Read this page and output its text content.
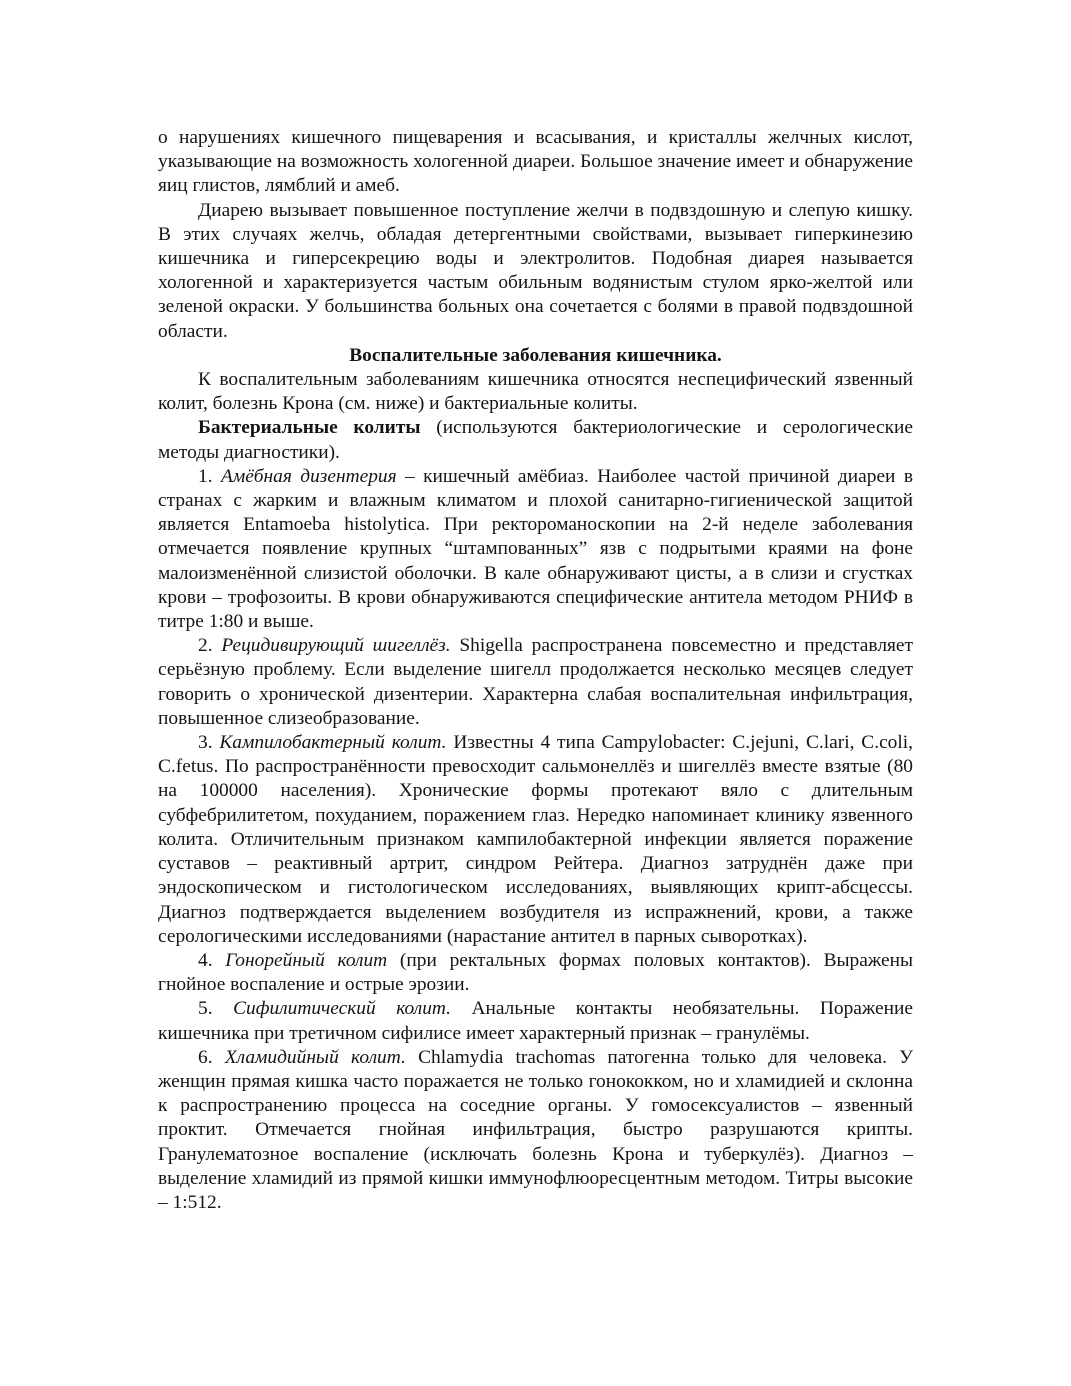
о нарушениях кишечного пищеварения и всасывания, и кристаллы желчных кислот, указывающие на возможность хологенной диареи. Большое значение имеет и обнаружение яиц глистов, лямблий и амеб.

Диарею вызывает повышенное поступление желчи в подвздошную и слепую кишку. В этих случаях желчь, обладая детергентными свойствами, вызывает гиперкинезию кишечника и гиперсекрецию воды и электролитов. Подобная диарея называется хологенной и характеризуется частым обильным водянистым стулом ярко-желтой или зеленой окраски. У большинства больных она сочетается с болями в правой подвздошной области.

Воспалительные заболевания кишечника.

К воспалительным заболеваниям кишечника относятся неспецифический язвенный колит, болезнь Крона (см. ниже) и бактериальные колиты.

Бактериальные колиты (используются бактериологические и серологические методы диагностики).

1. Амёбная дизентерия – кишечный амёбиаз. Наиболее частой причиной диареи в странах с жарким и влажным климатом и плохой санитарно-гигиенической защитой является Entamoeba histolytica. При ректороманоскопии на 2-й неделе заболевания отмечается появление крупных “штампованных” язв с подрытыми краями на фоне малоизменённой слизистой оболочки. В кале обнаруживают цисты, а в слизи и сгустках крови – трофозоиты. В крови обнаруживаются специфические антитела методом РНИФ в титре 1:80 и выше.

2. Рецидивирующий шигеллёз. Shigella распространена повсеместно и представляет серьёзную проблему. Если выделение шигелл продолжается несколько месяцев следует говорить о хронической дизентерии. Характерна слабая воспалительная инфильтрация, повышенное слизеобразование.

3. Кампилобактерный колит. Известны 4 типа Campylobacter: C.jejuni, C.lari, C.coli, C.fetus. По распространённости превосходит сальмонеллёз и шигеллёз вместе взятые (80 на 100000 населения). Хронические формы протекают вяло с длительным субфебрилитетом, похуданием, поражением глаз. Нередко напоминает клинику язвенного колита. Отличительным признаком кампилобактерной инфекции является поражение суставов – реактивный артрит, синдром Рейтера. Диагноз затруднён даже при эндоскопическом и гистологическом исследованиях, выявляющих крипт-абсцессы. Диагноз подтверждается выделением возбудителя из испражнений, крови, а также серологическими исследованиями (нарастание антител в парных сыворотках).

4. Гонорейный колит (при ректальных формах половых контактов). Выражены гнойное воспаление и острые эрозии.

5. Сифилитический колит. Анальные контакты необязательны. Поражение кишечника при третичном сифилисе имеет характерный признак – гранулёмы.

6. Хламидийный колит. Chlamydia trachomas патогенна только для человека. У женщин прямая кишка часто поражается не только гонококком, но и хламидией и склонна к распространению процесса на соседние органы. У гомосексуалистов – язвенный проктит. Отмечается гнойная инфильтрация, быстро разрушаются крипты. Гранулематозное воспаление (исключать болезнь Крона и туберкулёз). Диагноз – выделение хламидий из прямой кишки иммунофлюоресцентным методом. Титры высокие – 1:512.
